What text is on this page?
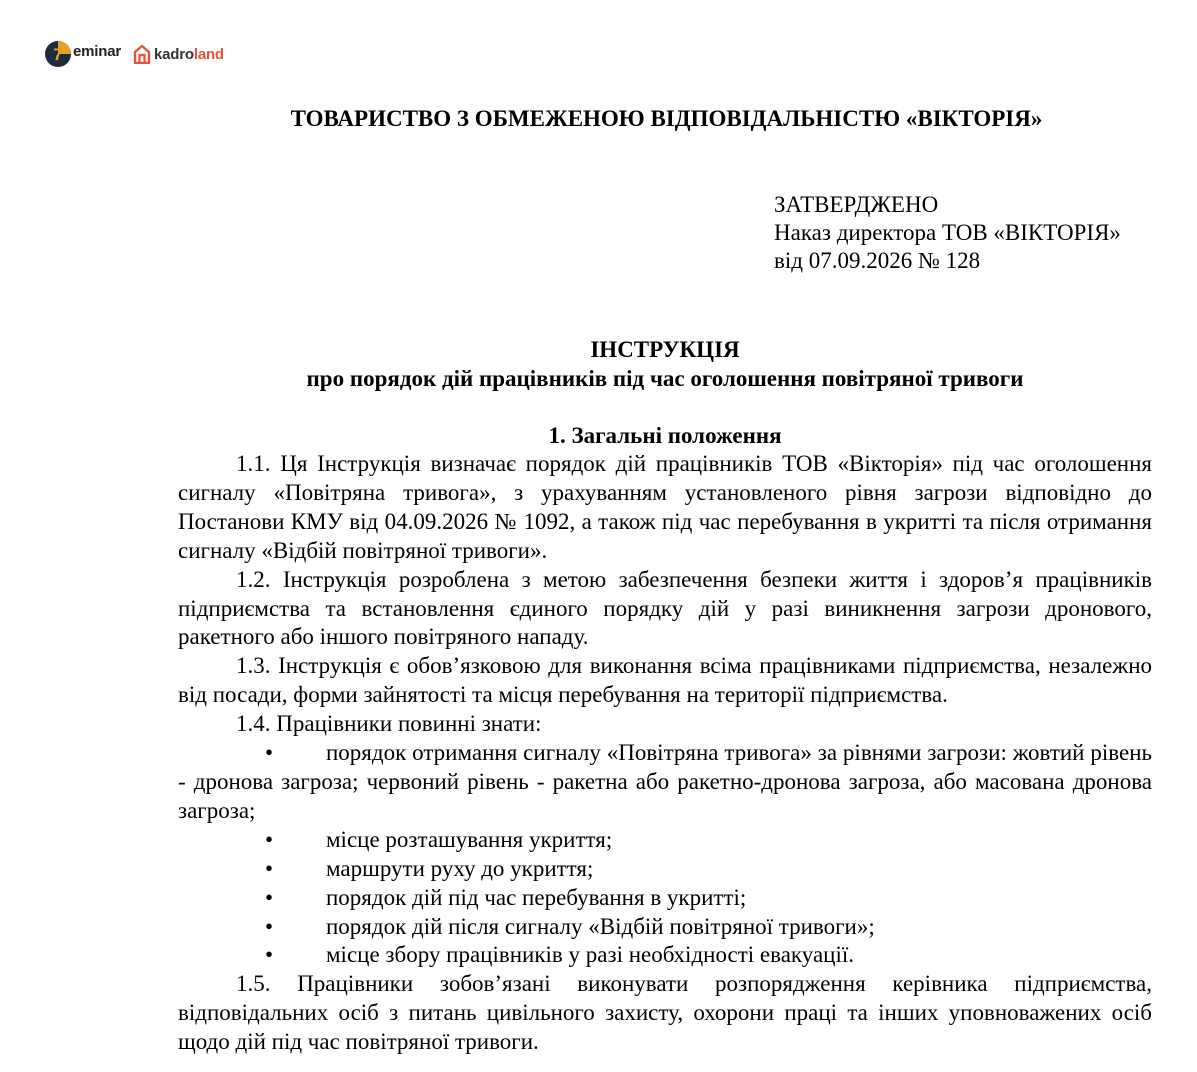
7 eminar kadroland
ТОВАРИСТВО З ОБМЕЖЕНОЮ ВІДПОВІДАЛЬНІСТЮ «ВІКТОРІЯ»
ЗАТВЕРДЖЕНО
Наказ директора ТОВ «ВІКТОРІЯ»
від 07.09.2026 № 128
ІНСТРУКЦІЯ
про порядок дій працівників під час оголошення повітряної тривоги
1. Загальні положення

1.1. Ця Інструкція визначає порядок дій працівників ТОВ «Вікторія» під час оголошення сигналу «Повітряна тривога», з урахуванням установленого рівня загрози відповідно до Постанови КМУ від 04.09.2026 № 1092, а також під час перебування в укритті та після отримання сигналу «Відбій повітряної тривоги».

1.2. Інструкція розроблена з метою забезпечення безпеки життя і здоров’я працівників підприємства та встановлення єдиного порядку дій у разі виникнення загрози дронового, ракетного або іншого повітряного нападу.

1.3. Інструкція є обов’язковою для виконання всіма працівниками підприємства, незалежно від посади, форми зайнятості та місця перебування на території підприємства.

1.4. Працівники повинні знати:

• порядок отримання сигналу «Повітряна тривога» за рівнями загрози: жовтий рівень - дронова загроза; червоний рівень - ракетна або ракетно-дронова загроза, або масована дронова загроза;

• місце розташування укриття;

• маршрути руху до укриття;

• порядок дій під час перебування в укритті;

• порядок дій після сигналу «Відбій повітряної тривоги»;

• місце збору працівників у разі необхідності евакуації.

1.5. Працівники зобов’язані виконувати розпорядження керівника підприємства, відповідальних осіб з питань цивільного захисту, охорони праці та інших уповноважених осіб щодо дій під час повітряної тривоги.
